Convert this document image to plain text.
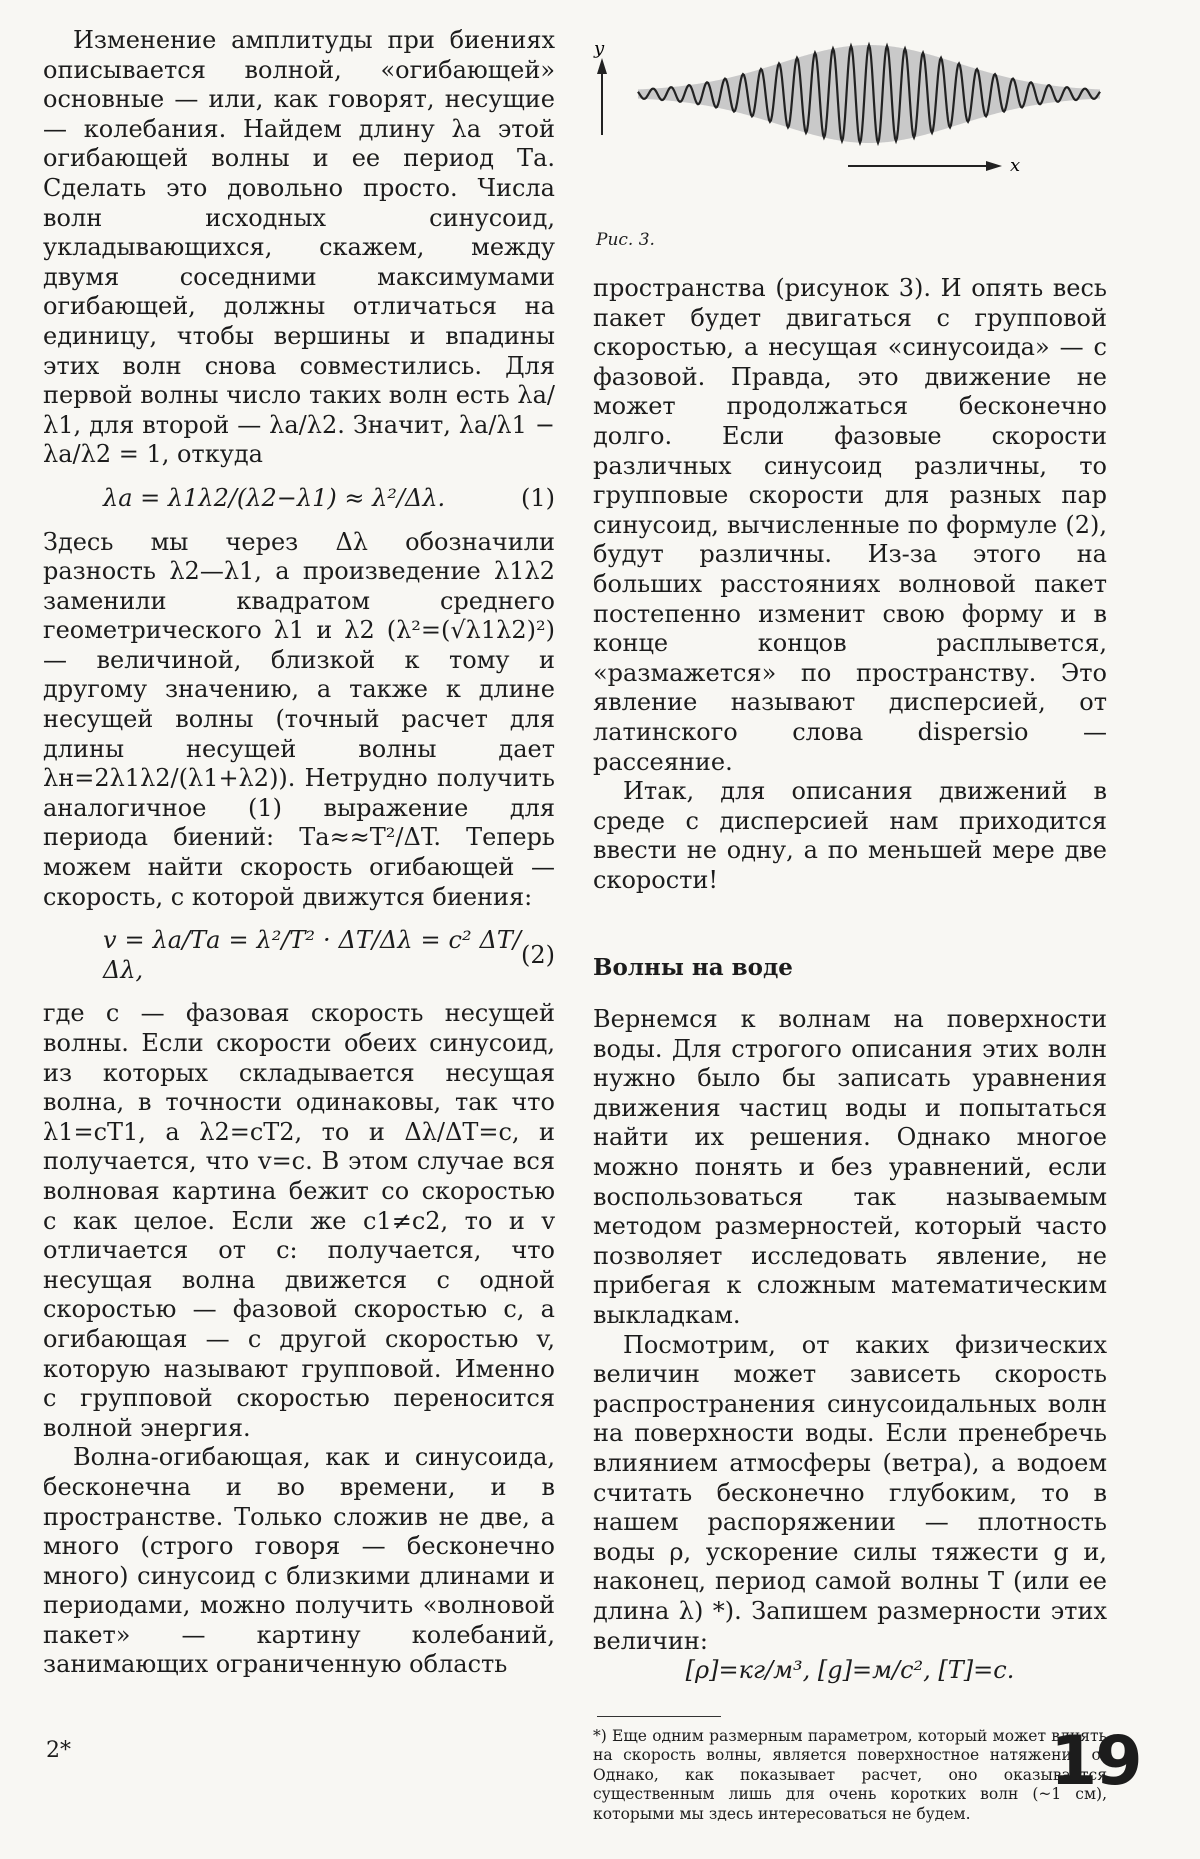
Изменение амплитуды при биениях описывается волной, «огибающей» основные — или, как говорят, несущие — колебания. Найдем длину λа этой огибающей волны и ее период Tа. Сделать это довольно просто. Числа волн исходных синусоид, укладывающихся, скажем, между двумя соседними максимумами огибающей, должны отличаться на единицу, чтобы вершины и впадины этих волн снова совместились. Для первой волны число таких волн есть λа/λ1, для второй — λа/λ2. Значит, λа/λ1 − λа/λ2 = 1, откуда

λа = λ1λ2/(λ2−λ1) ≈ λ²/Δλ.	(1)

Здесь мы через Δλ обозначили разность λ2—λ1, а произведение λ1λ2 заменили квадратом среднего геометрического λ1 и λ2 (λ²=(√λ1λ2)²) — величиной, близкой к тому и другому значению, а также к длине несущей волны (точный расчет для длины несущей волны дает λн=2λ1λ2/(λ1+λ2)). Нетрудно получить аналогичное (1) выражение для периода биений: Tа≈≈T²/ΔT. Теперь можем найти скорость огибающей — скорость, с которой движутся биения:

v = λа/Tа = λ²/T² · ΔT/Δλ = c² ΔT/Δλ,
(2)

где c — фазовая скорость несущей волны. Если скорости обеих синусоид, из которых складывается несущая волна, в точности одинаковы, так что λ1=cT1, а λ2=cT2, то и Δλ/ΔT=c, и получается, что v=c. В этом случае вся волновая картина бежит со скоростью c как целое. Если же c1≠c2, то и v отличается от c: получается, что несущая волна движется с одной скоростью — фазовой скоростью c, а огибающая — с другой скоростью v, которую называют групповой. Именно с групповой скоростью переносится волной энергия.

Волна-огибающая, как и синусоида, бесконечна и во времени, и в пространстве. Только сложив не две, а много (строго говоря — бесконечно много) синусоид с близкими длинами и периодами, можно получить «волновой пакет» — картину колебаний, занимающих ограниченную область

y
x
Рис. 3.

пространства (рисунок 3). И опять весь пакет будет двигаться с групповой скоростью, а несущая «синусоида» — с фазовой. Правда, это движение не может продолжаться бесконечно долго. Если фазовые скорости различных синусоид различны, то групповые скорости для разных пар синусоид, вычисленные по формуле (2), будут различны. Из-за этого на больших расстояниях волновой пакет постепенно изменит свою форму и в конце концов расплывется, «размажется» по пространству. Это явление называют дисперсией, от латинского слова dispersio — рассеяние.

Итак, для описания движений в среде с дисперсией нам приходится ввести не одну, а по меньшей мере две скорости!

Волны на воде

Вернемся к волнам на поверхности воды. Для строгого описания этих волн нужно было бы записать уравнения движения частиц воды и попытаться найти их решения. Однако многое можно понять и без уравнений, если воспользоваться так называемым методом размерностей, который часто позволяет исследовать явление, не прибегая к сложным математическим выкладкам.

Посмотрим, от каких физических величин может зависеть скорость распространения синусоидальных волн на поверхности воды. Если пренебречь влиянием атмосферы (ветра), а водоем считать бесконечно глубоким, то в нашем распоряжении — плотность воды ρ, ускорение силы тяжести g и, наконец, период самой волны T (или ее длина λ) *). Запишем размерности этих величин:

[ρ]=кг/м³, [g]=м/с², [T]=с.

*) Еще одним размерным параметром, который может влиять на скорость волны, является поверхностное натяжение σ. Однако, как показывает расчет, оно оказывается существенным лишь для очень коротких волн (~1 см), которыми мы здесь интересоваться не будем.

2*	19
